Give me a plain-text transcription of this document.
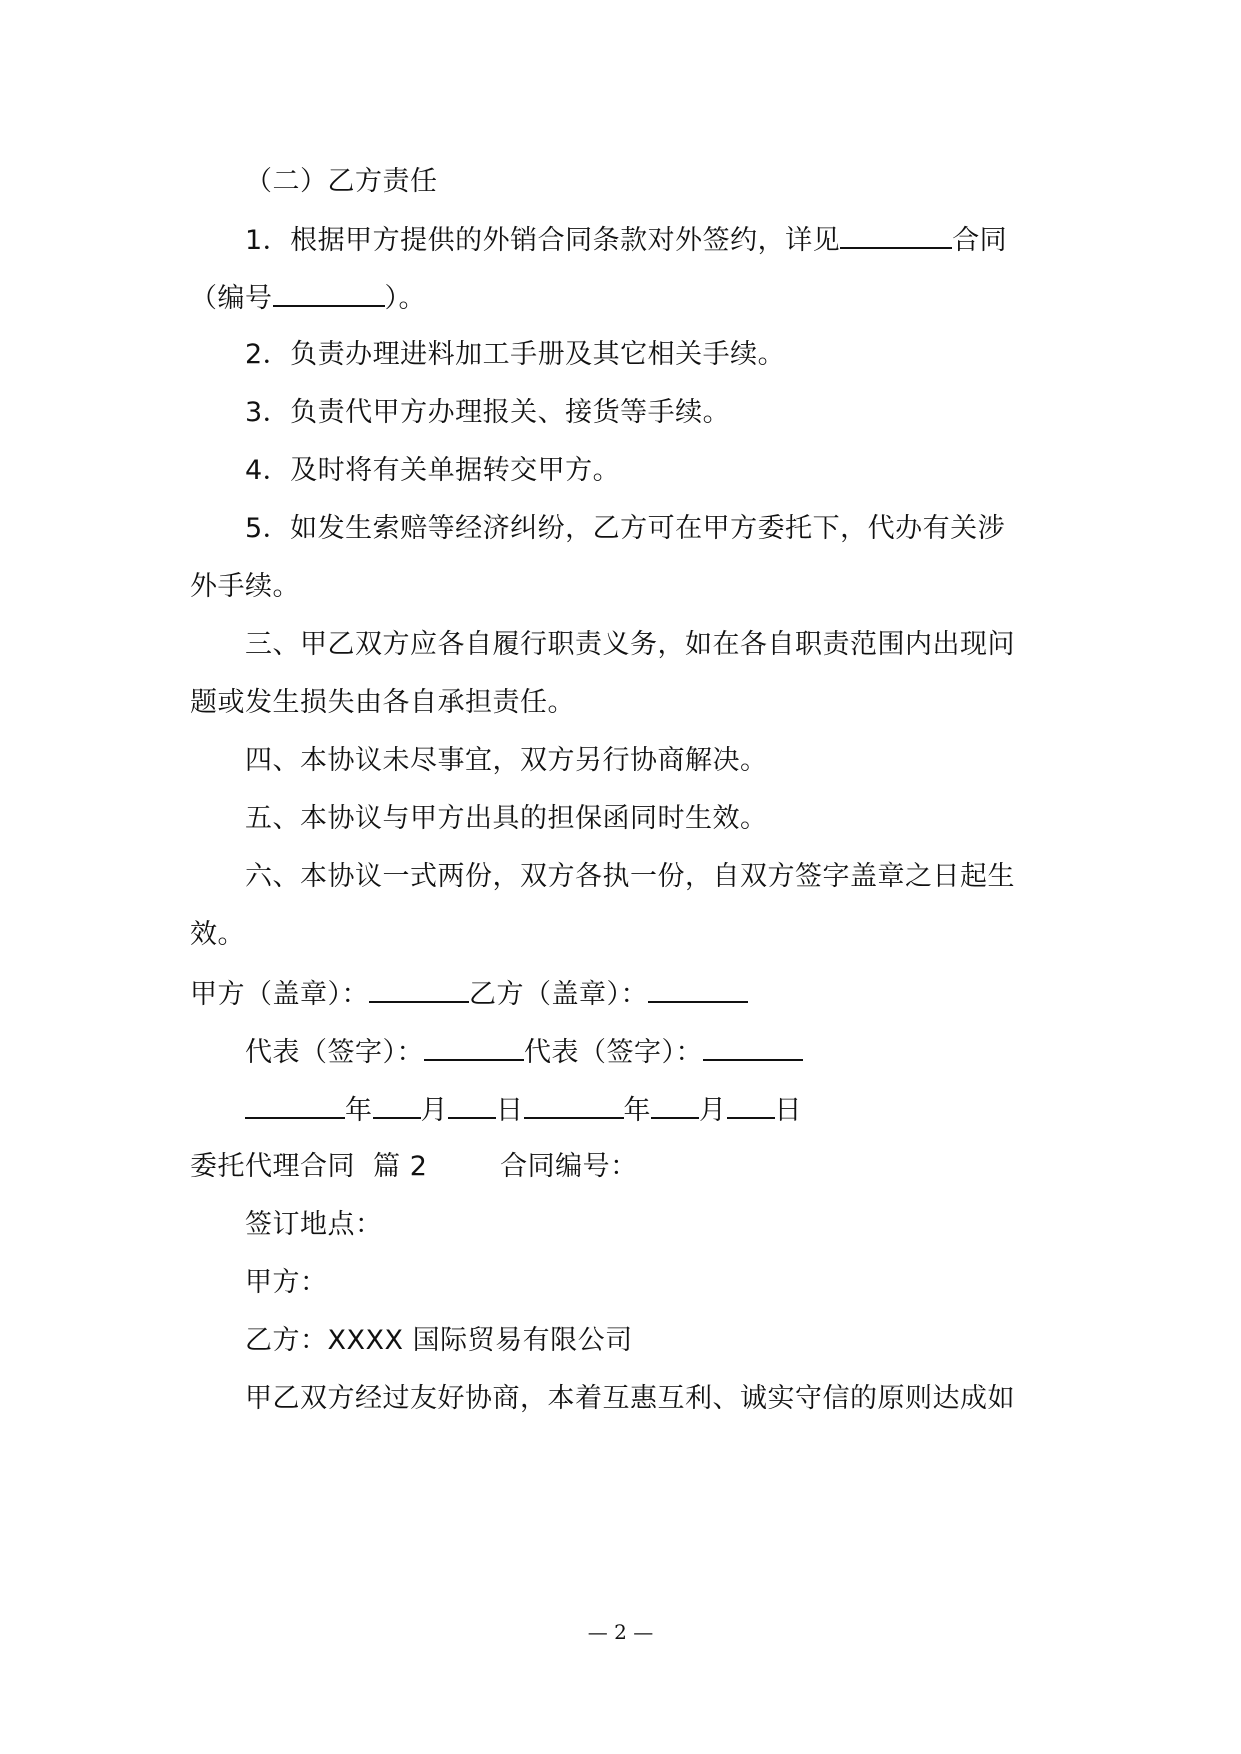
（二）乙方责任
1．根据甲方提供的外销合同条款对外签约，详见	合同
（编号	）。
2．负责办理进料加工手册及其它相关手续。
3．负责代甲方办理报关、接货等手续。
4．及时将有关单据转交甲方。
5．如发生索赔等经济纠纷，乙方可在甲方委托下，代办有关涉
外手续。
三、甲乙双方应各自履行职责义务，如在各自职责范围内出现问
题或发生损失由各自承担责任。
四、本协议未尽事宜，双方另行协商解决。
五、本协议与甲方出具的担保函同时生效。
六、本协议一式两份，双方各执一份，自双方签字盖章之日起生
效。
甲方（盖章）：	乙方（盖章）：
代表（签字）：	代表（签字）：
年 月 日	年 月 日
委托代理合同  篇 2        合同编号：
签订地点：
甲方：
乙方：XXXX 国际贸易有限公司
甲乙双方经过友好协商，本着互惠互利、诚实守信的原则达成如
— 2 —
